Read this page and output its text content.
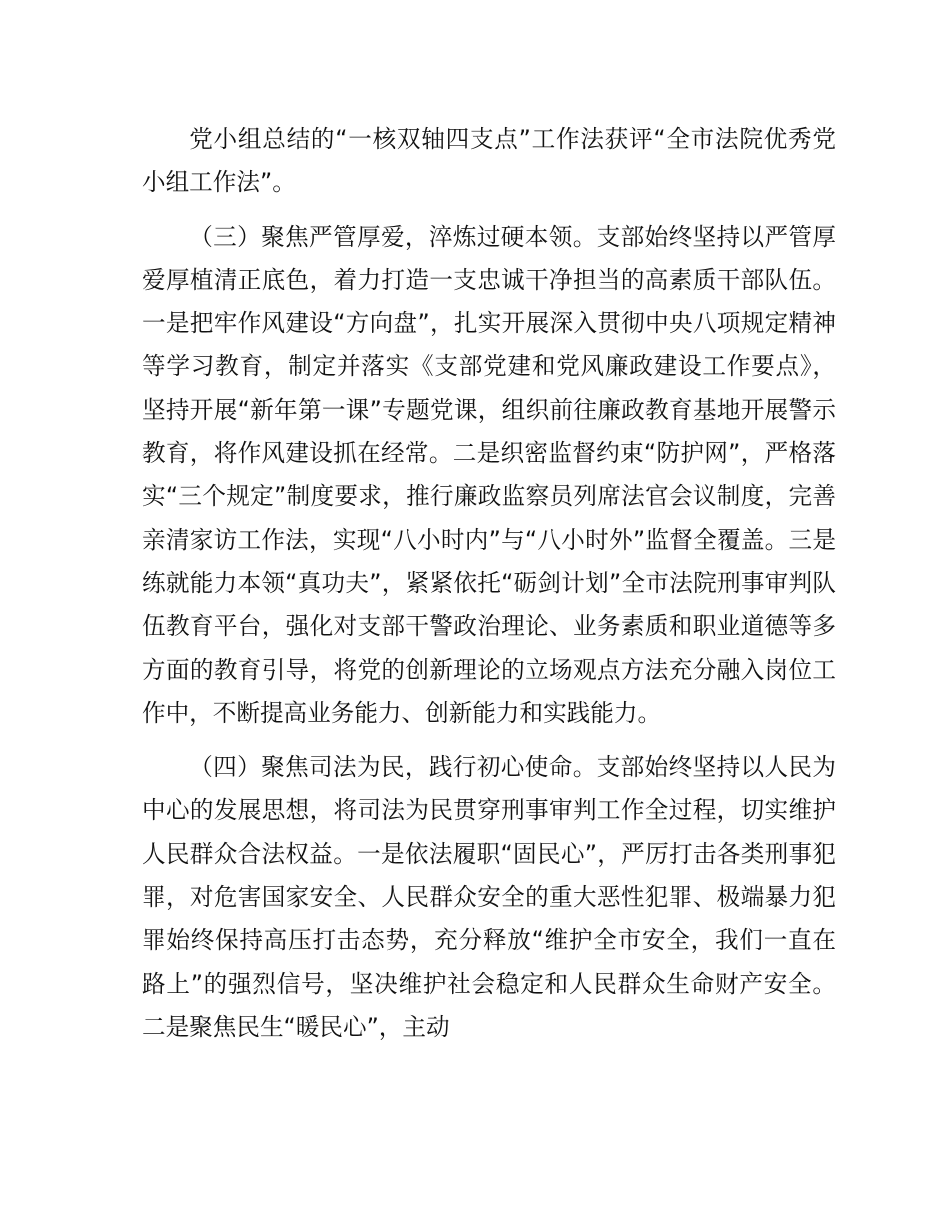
党小组总结的“一核双轴四支点”工作法获评“全市法院优秀党小组工作法”。

（三）聚焦严管厚爱，淬炼过硬本领。支部始终坚持以严管厚爱厚植清正底色，着力打造一支忠诚干净担当的高素质干部队伍。一是把牢作风建设“方向盘”，扎实开展深入贯彻中央八项规定精神等学习教育，制定并落实《支部党建和党风廉政建设工作要点》，坚持开展“新年第一课”专题党课，组织前往廉政教育基地开展警示教育，将作风建设抓在经常。二是织密监督约束“防护网”，严格落实“三个规定”制度要求，推行廉政监察员列席法官会议制度，完善亲清家访工作法，实现“八小时内”与“八小时外”监督全覆盖。三是练就能力本领“真功夫”，紧紧依托“砺剑计划”全市法院刑事审判队伍教育平台，强化对支部干警政治理论、业务素质和职业道德等多方面的教育引导，将党的创新理论的立场观点方法充分融入岗位工作中，不断提高业务能力、创新能力和实践能力。

（四）聚焦司法为民，践行初心使命。支部始终坚持以人民为中心的发展思想，将司法为民贯穿刑事审判工作全过程，切实维护人民群众合法权益。一是依法履职“固民心”，严厉打击各类刑事犯罪，对危害国家安全、人民群众安全的重大恶性犯罪、极端暴力犯罪始终保持高压打击态势，充分释放“维护全市安全，我们一直在路上”的强烈信号，坚决维护社会稳定和人民群众生命财产安全。二是聚焦民生“暖民心”，主动
